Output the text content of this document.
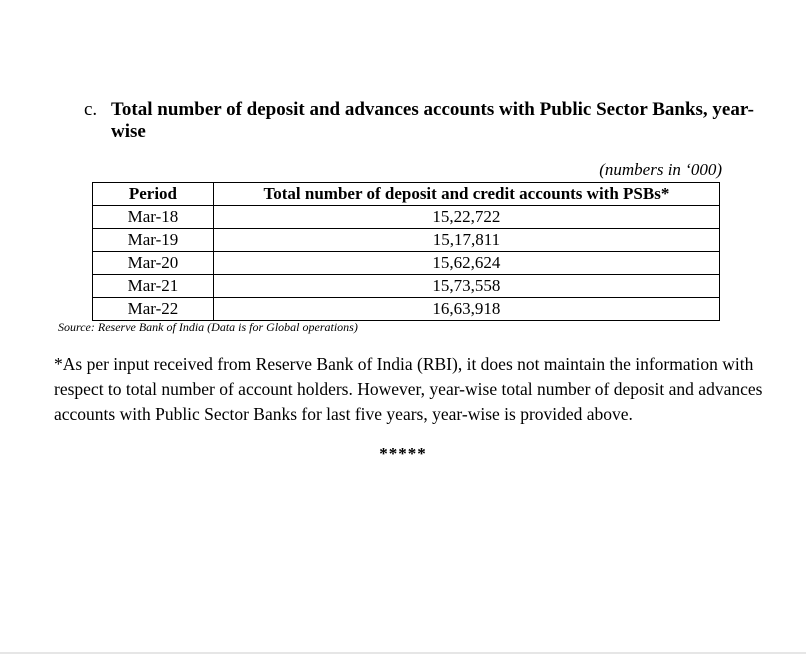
c. Total number of deposit and advances accounts with Public Sector Banks, year-wise
(numbers in ‘000)
Period	Total number of deposit and credit accounts with PSBs*
Mar-18	15,22,722
Mar-19	15,17,811
Mar-20	15,62,624
Mar-21	15,73,558
Mar-22	16,63,918
Source: Reserve Bank of India (Data is for Global operations)
*As per input received from Reserve Bank of India (RBI), it does not maintain the information with respect to total number of account holders. However, year-wise total number of deposit and advances accounts with Public Sector Banks for last five years, year-wise is provided above.
*****
